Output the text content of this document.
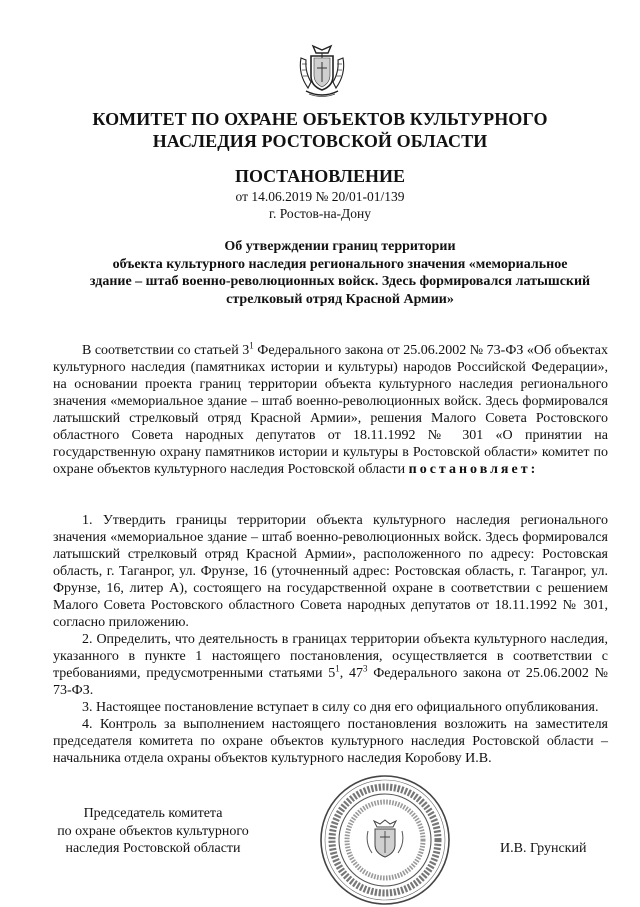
КОМИТЕТ ПО ОХРАНЕ ОБЪЕКТОВ КУЛЬТУРНОГО
НАСЛЕДИЯ РОСТОВСКОЙ ОБЛАСТИ
ПОСТАНОВЛЕНИЕ
от 14.06.2019 № 20/01-01/139
г. Ростов-на-Дону
Об утверждении границ территории
объекта культурного наследия регионального значения «мемориальное
здание – штаб военно-революционных войск. Здесь формировался латышский
стрелковый отряд Красной Армии»

В соответствии со статьей $3^1$ Федерального закона от 25.06.2002 № 73-ФЗ «Об объектах культурного наследия (памятниках истории и культуры) народов Российской Федерации», на основании проекта границ территории объекта культурного наследия регионального значения «мемориальное здание – штаб военно-революционных войск. Здесь формировался латышский стрелковый отряд Красной Армии», решения Малого Совета Ростовского областного Совета народных депутатов от 18.11.1992 № 301 «О принятии на государственную охрану памятников истории и культуры в Ростовской области» комитет по охране объектов культурного наследия Ростовской области постановляет:

1. Утвердить границы территории объекта культурного наследия регионального значения «мемориальное здание – штаб военно-революционных войск. Здесь формировался латышский стрелковый отряд Красной Армии», расположенного по адресу: Ростовская область, г. Таганрог, ул. Фрунзе, 16 (уточненный адрес: Ростовская область, г. Таганрог, ул. Фрунзе, 16, литер А), состоящего на государственной охране в соответствии с решением Малого Совета Ростовского областного Совета народных депутатов от 18.11.1992 № 301, согласно приложению.

2. Определить, что деятельность в границах территории объекта культурного наследия, указанного в пункте 1 настоящего постановления, осуществляется в соответствии с требованиями, предусмотренными статьями $5^1$, $47^3$ Федерального закона от 25.06.2002 № 73-ФЗ.

3. Настоящее постановление вступает в силу со дня его официального опубликования.

4. Контроль за выполнением настоящего постановления возложить на заместителя председателя комитета по охране объектов культурного наследия Ростовской области – начальника отдела охраны объектов культурного наследия Коробову И.В.

Председатель комитета
по охране объектов культурного
наследия Ростовской области	И.В. Грунский
